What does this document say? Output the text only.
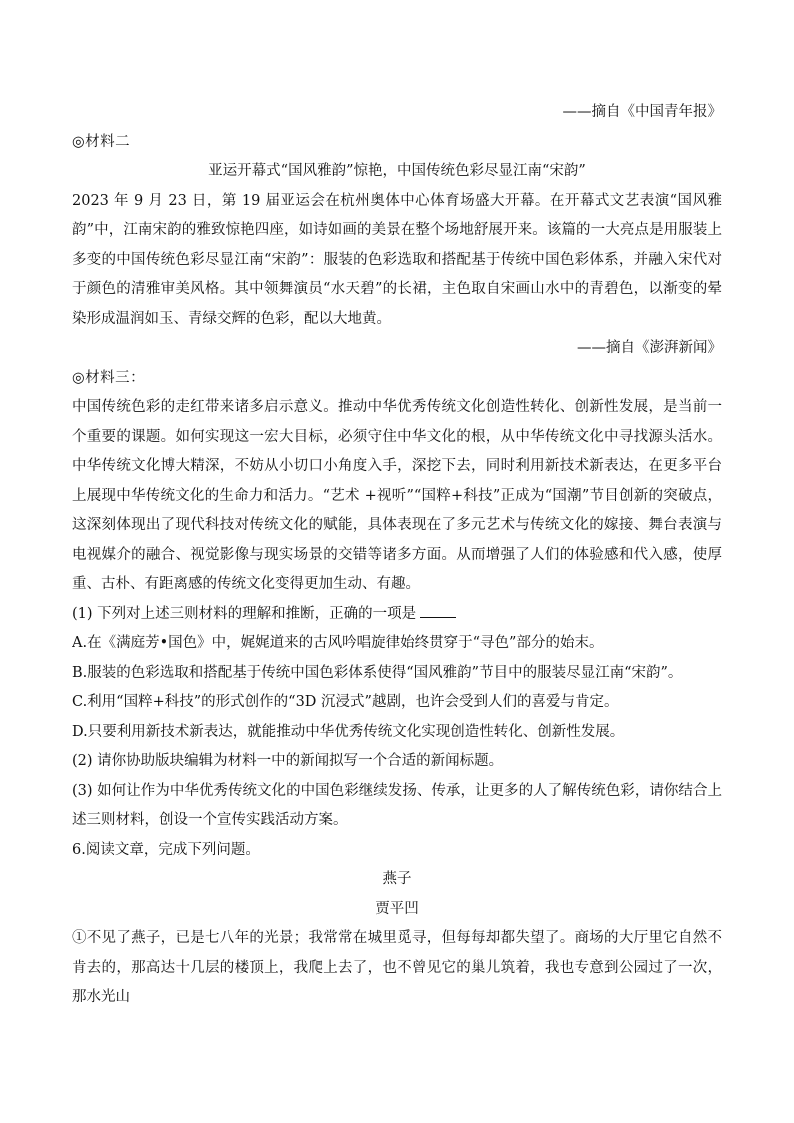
——摘自《中国青年报》
◎材料二
亚运开幕式“国风雅韵”惊艳，中国传统色彩尽显江南“宋韵”

2023 年 9 月 23 日，第 19 届亚运会在杭州奥体中心体育场盛大开幕。在开幕式文艺表演“国风雅韵”中，江南宋韵的雅致惊艳四座，如诗如画的美景在整个场地舒展开来。该篇的一大亮点是用服装上多变的中国传统色彩尽显江南“宋韵”：服装的色彩选取和搭配基于传统中国色彩体系，并融入宋代对于颜色的清雅审美风格。其中领舞演员“水天碧”的长裙，主色取自宋画山水中的青碧色，以渐变的晕染形成温润如玉、青绿交辉的色彩，配以大地黄。

——摘自《澎湃新闻》
◎材料三：

中国传统色彩的走红带来诸多启示意义。推动中华优秀传统文化创造性转化、创新性发展，是当前一个重要的课题。如何实现这一宏大目标，必须守住中华文化的根，从中华传统文化中寻找源头活水。中华传统文化博大精深，不妨从小切口小角度入手，深挖下去，同时利用新技术新表达，在更多平台上展现中华传统文化的生命力和活力。“艺术 +视听”“国粹+科技”正成为“国潮”节目创新的突破点，这深刻体现出了现代科技对传统文化的赋能，具体表现在了多元艺术与传统文化的嫁接、舞台表演与电视媒介的融合、视觉影像与现实场景的交错等诸多方面。从而增强了人们的体验感和代入感，使厚重、古朴、有距离感的传统文化变得更加生动、有趣。

(1) 下列对上述三则材料的理解和推断，正确的一项是
A.在《满庭芳•国色》中，娓娓道来的古风吟唱旋律始终贯穿于“寻色”部分的始末。
B.服装的色彩选取和搭配基于传统中国色彩体系使得“国风雅韵”节目中的服装尽显江南“宋韵”。
C.利用“国粹+科技”的形式创作的“3D 沉浸式”越剧，也许会受到人们的喜爱与肯定。
D.只要利用新技术新表达，就能推动中华优秀传统文化实现创造性转化、创新性发展。
(2) 请你协助版块编辑为材料一中的新闻拟写一个合适的新闻标题。

(3) 如何让作为中华优秀传统文化的中国色彩继续发扬、传承，让更多的人了解传统色彩，请你结合上述三则材料，创设一个宣传实践活动方案。

6.阅读文章，完成下列问题。
燕子
贾平凹

①不见了燕子，已是七八年的光景；我常常在城里觅寻，但每每却都失望了。商场的大厅里它自然不肯去的，那高达十几层的楼顶上，我爬上去了，也不曾见它的巢儿筑着，我也专意到公园过了一次，那水光山
